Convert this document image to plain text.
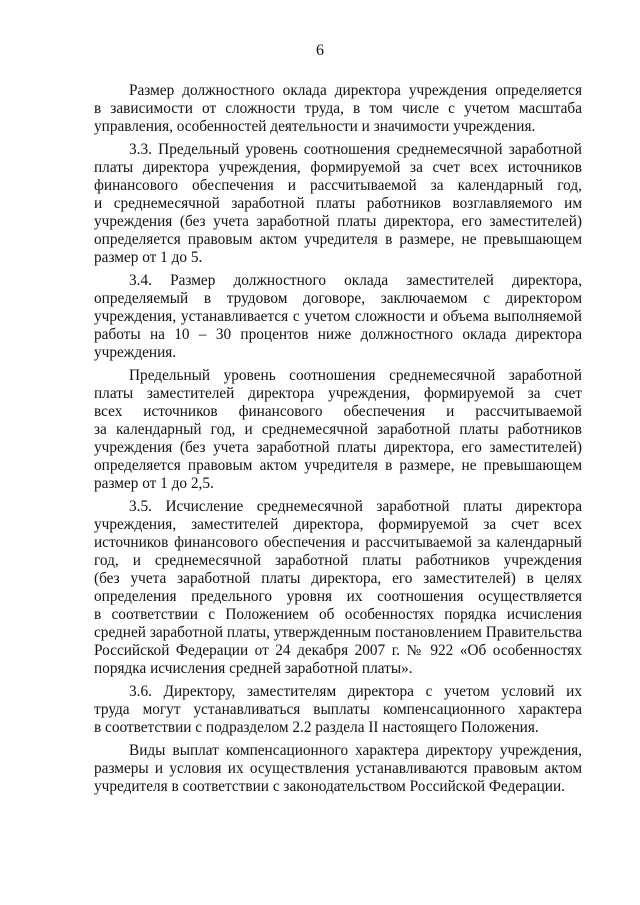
6
Размер должностного оклада директора учреждения определяется
в зависимости от сложности труда, в том числе с учетом масштаба
управления, особенностей деятельности и значимости учреждения.
3.3. Предельный уровень соотношения среднемесячной заработной
платы директора учреждения, формируемой за счет всех источников
финансового обеспечения и рассчитываемой за календарный год,
и среднемесячной заработной платы работников возглавляемого им
учреждения (без учета заработной платы директора, его заместителей)
определяется правовым актом учредителя в размере, не превышающем
размер от 1 до 5.
3.4. Размер должностного оклада заместителей директора,
определяемый в трудовом договоре, заключаемом с директором
учреждения, устанавливается с учетом сложности и объема выполняемой
работы на 10 – 30 процентов ниже должностного оклада директора
учреждения.
Предельный уровень соотношения среднемесячной заработной
платы заместителей директора учреждения, формируемой за счет
всех источников финансового обеспечения и рассчитываемой
за календарный год, и среднемесячной заработной платы работников
учреждения (без учета заработной платы директора, его заместителей)
определяется правовым актом учредителя в размере, не превышающем
размер от 1 до 2,5.
3.5. Исчисление среднемесячной заработной платы директора
учреждения, заместителей директора, формируемой за счет всех
источников финансового обеспечения и рассчитываемой за календарный
год, и среднемесячной заработной платы работников учреждения
(без учета заработной платы директора, его заместителей) в целях
определения предельного уровня их соотношения осуществляется
в соответствии с Положением об особенностях порядка исчисления
средней заработной платы, утвержденным постановлением Правительства
Российской Федерации от 24 декабря 2007 г. № 922 «Об особенностях
порядка исчисления средней заработной платы».
3.6. Директору, заместителям директора с учетом условий их
труда могут устанавливаться выплаты компенсационного характера
в соответствии с подразделом 2.2 раздела II настоящего Положения.
Виды выплат компенсационного характера директору учреждения,
размеры и условия их осуществления устанавливаются правовым актом
учредителя в соответствии с законодательством Российской Федерации.
